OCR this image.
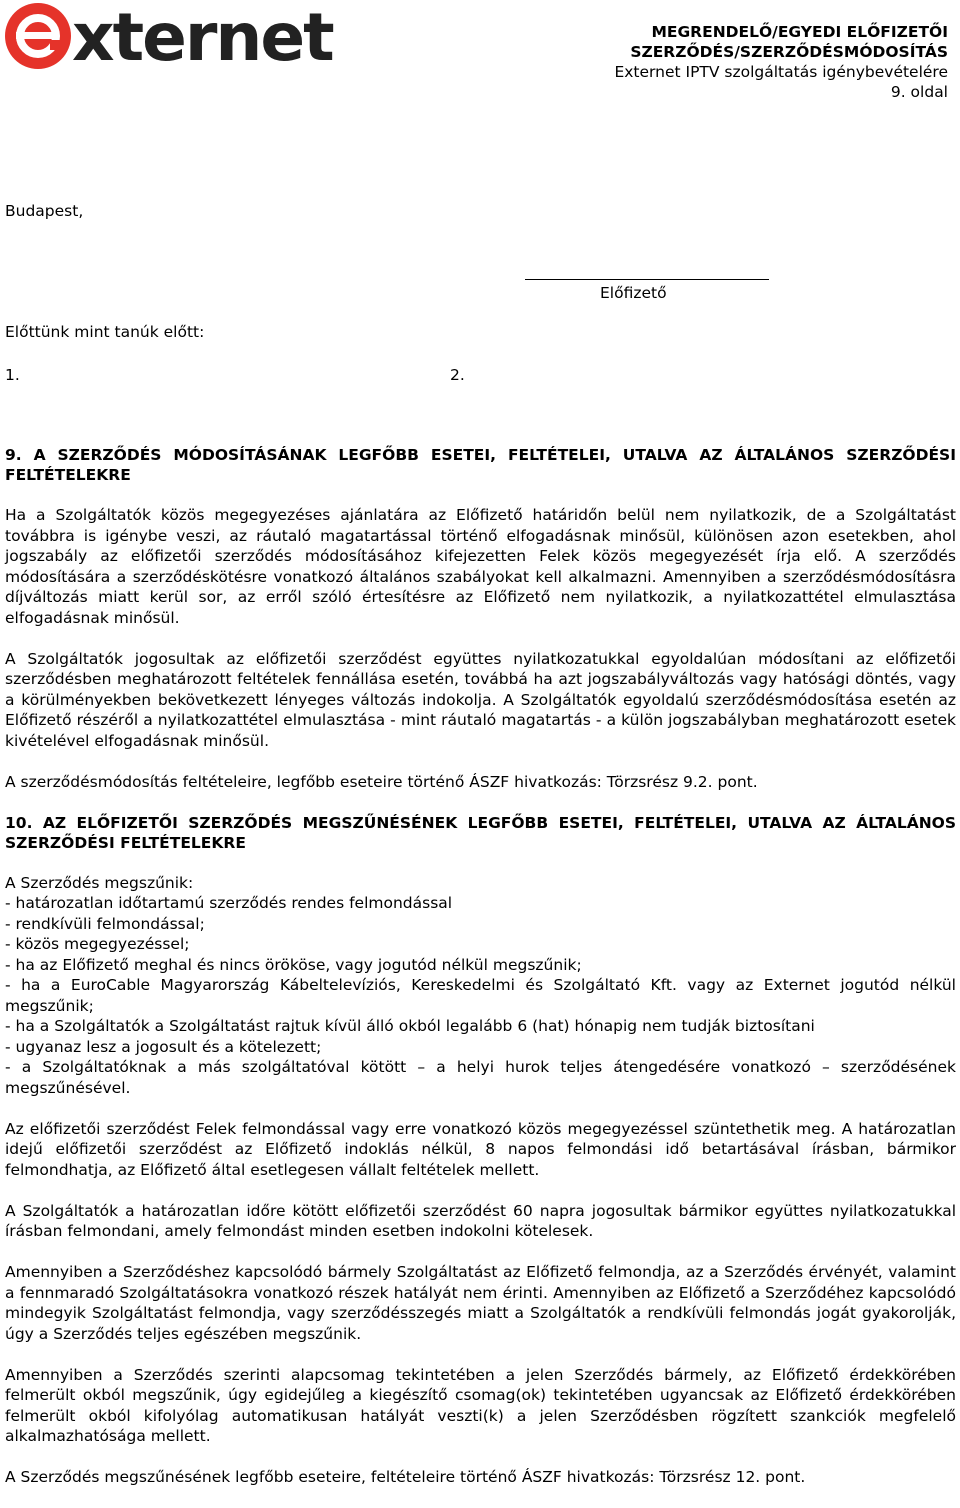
xternet	MEGRENDELŐ/EGYEDI ELŐFIZETŐI
SZERZŐDÉS/SZERZŐDÉSMÓDOSÍTÁS
Externet IPTV szolgáltatás igénybevételére
9. oldal
Budapest,
Előfizető
Előttünk mint tanúk előtt:
1.	2.
9. A SZERZŐDÉS MÓDOSÍTÁSÁNAK LEGFŐBB ESETEI, FELTÉTELEI, UTALVA AZ ÁLTALÁNOS SZERZŐDÉSI FELTÉTELEKRE

Ha a Szolgáltatók közös megegyezéses ajánlatára az Előfizető határidőn belül nem nyilatkozik, de a Szolgáltatást továbbra is igénybe veszi, az ráutaló magatartással történő elfogadásnak minősül, különösen azon esetekben, ahol jogszabály az előfizetői szerződés módosításához kifejezetten Felek közös megegyezését írja elő. A szerződés módosítására a szerződéskötésre vonatkozó általános szabályokat kell alkalmazni. Amennyiben a szerződésmódosításra díjváltozás miatt kerül sor, az erről szóló értesítésre az Előfizető nem nyilatkozik, a nyilatkozattétel elmulasztása elfogadásnak minősül.

A Szolgáltatók jogosultak az előfizetői szerződést együttes nyilatkozatukkal egyoldalúan módosítani az előfizetői szerződésben meghatározott feltételek fennállása esetén, továbbá ha azt jogszabályváltozás vagy hatósági döntés, vagy a körülményekben bekövetkezett lényeges változás indokolja. A Szolgáltatók egyoldalú szerződésmódosítása esetén az Előfizető részéről a nyilatkozattétel elmulasztása - mint ráutaló magatartás - a külön jogszabályban meghatározott esetek kivételével elfogadásnak minősül.

A szerződésmódosítás feltételeire, legfőbb eseteire történő ÁSZF hivatkozás: Törzsrész 9.2. pont.

10. AZ ELŐFIZETŐI SZERZŐDÉS MEGSZŰNÉSÉNEK LEGFŐBB ESETEI, FELTÉTELEI, UTALVA AZ ÁLTALÁNOS SZERZŐDÉSI FELTÉTELEKRE
A Szerződés megszűnik:
- határozatlan időtartamú szerződés rendes felmondással
- rendkívüli felmondással;
- közös megegyezéssel;
- ha az Előfizető meghal és nincs örököse, vagy jogutód nélkül megszűnik;
- ha a EuroCable Magyarország Kábeltelevíziós, Kereskedelmi és Szolgáltató Kft. vagy az Externet jogutód nélkül megszűnik;
- ha a Szolgáltatók a Szolgáltatást rajtuk kívül álló okból legalább 6 (hat) hónapig nem tudják biztosítani
- ugyanaz lesz a jogosult és a kötelezett;
- a Szolgáltatóknak a más szolgáltatóval kötött – a helyi hurok teljes átengedésére vonatkozó – szerződésének megszűnésével.

Az előfizetői szerződést Felek felmondással vagy erre vonatkozó közös megegyezéssel szüntethetik meg. A határozatlan idejű előfizetői szerződést az Előfizető indoklás nélkül, 8 napos felmondási idő betartásával írásban, bármikor felmondhatja, az Előfizető által esetlegesen vállalt feltételek mellett.

A Szolgáltatók a határozatlan időre kötött előfizetői szerződést 60 napra jogosultak bármikor együttes nyilatkozatukkal írásban felmondani, amely felmondást minden esetben indokolni kötelesek.

Amennyiben a Szerződéshez kapcsolódó bármely Szolgáltatást az Előfizető felmondja, az a Szerződés érvényét, valamint a fennmaradó Szolgáltatásokra vonatkozó részek hatályát nem érinti. Amennyiben az Előfizető a Szerződéhez kapcsolódó mindegyik Szolgáltatást felmondja, vagy szerződésszegés miatt a Szolgáltatók a rendkívüli felmondás jogát gyakorolják, úgy a Szerződés teljes egészében megszűnik.

Amennyiben a Szerződés szerinti alapcsomag tekintetében a jelen Szerződés bármely, az Előfizető érdekkörében felmerült okból megszűnik, úgy egidejűleg a kiegészítő csomag(ok) tekintetében ugyancsak az Előfizető érdekkörében felmerült okból kifolyólag automatikusan hatályát veszti(k) a jelen Szerződésben rögzített szankciók megfelelő alkalmazhatósága mellett.

A Szerződés megszűnésének legfőbb eseteire, feltételeire történő ÁSZF hivatkozás: Törzsrész 12. pont.
